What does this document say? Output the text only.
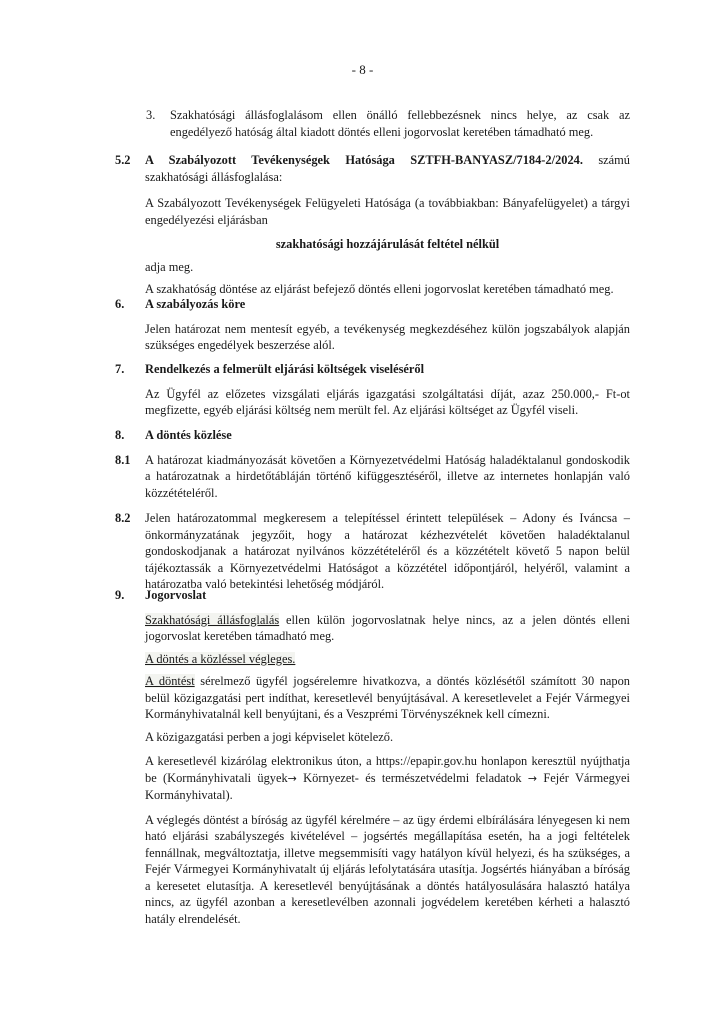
- 8 -
3. Szakhatósági állásfoglalásom ellen önálló fellebbezésnek nincs helye, az csak az engedélyező hatóság által kiadott döntés elleni jogorvoslat keretében támadható meg.
5.2 A Szabályozott Tevékenységek Hatósága SZTFH-BANYASZ/7184-2/2024. számú szakhatósági állásfoglalása:
A Szabályozott Tevékenységek Felügyeleti Hatósága (a továbbiakban: Bányafelügyelet) a tárgyi engedélyezési eljárásban
szakhatósági hozzájárulását feltétel nélkül
adja meg.
A szakhatóság döntése az eljárást befejező döntés elleni jogorvoslat keretében támadható meg.
6. A szabályozás köre
Jelen határozat nem mentesít egyéb, a tevékenység megkezdéséhez külön jogszabályok alapján szükséges engedélyek beszerzése alól.
7. Rendelkezés a felmerült eljárási költségek viseléséről
Az Ügyfél az előzetes vizsgálati eljárás igazgatási szolgáltatási díját, azaz 250.000,- Ft-ot megfizette, egyéb eljárási költség nem merült fel. Az eljárási költséget az Ügyfél viseli.
8. A döntés közlése
8.1 A határozat kiadmányozását követően a Környezetvédelmi Hatóság haladéktalanul gondoskodik a határozatnak a hirdetőtábláján történő kifüggesztéséről, illetve az internetes honlapján való közzétételéről.
8.2 Jelen határozatommal megkeresem a telepítéssel érintett települések – Adony és Iváncsa – önkormányzatának jegyzőit, hogy a határozat kézhezvételét követően haladéktalanul gondoskodjanak a határozat nyilvános közzétételéről és a közzétételt követő 5 napon belül tájékoztassák a Környezetvédelmi Hatóságot a közzététel időpontjáról, helyéről, valamint a határozatba való betekintési lehetőség módjáról.
9. Jogorvoslat
Szakhatósági állásfoglalás ellen külön jogorvoslatnak helye nincs, az a jelen döntés elleni jogorvoslat keretében támadható meg.
A döntés a közléssel végleges.
A döntést sérelmező ügyfél jogsérelemre hivatkozva, a döntés közlésétől számított 30 napon belül közigazgatási pert indíthat, keresetlevél benyújtásával. A keresetlevelet a Fejér Vármegyei Kormányhivatalnál kell benyújtani, és a Veszprémi Törvényszéknek kell címezni.
A közigazgatási perben a jogi képviselet kötelező.
A keresetlevél kizárólag elektronikus úton, a https://epapir.gov.hu honlapon keresztül nyújthatja be (Kormányhivatali ügyek→ Környezet- és természetvédelmi feladatok → Fejér Vármegyei Kormányhivatal).
A véglegés döntést a bíróság az ügyfél kérelmére – az ügy érdemi elbírálására lényegesen ki nem ható eljárási szabályszegés kivételével – jogsértés megállapítása esetén, ha a jogi feltételek fennállnak, megváltoztatja, illetve megsemmisíti vagy hatályon kívül helyezi, és ha szükséges, a Fejér Vármegyei Kormányhivatalt új eljárás lefolytatására utasítja. Jogsértés hiányában a bíróság a keresetet elutasítja. A keresetlevél benyújtásának a döntés hatályosulására halasztó hatálya nincs, az ügyfél azonban a keresetlevélben azonnali jogvédelem keretében kérheti a halasztó hatály elrendelését.
